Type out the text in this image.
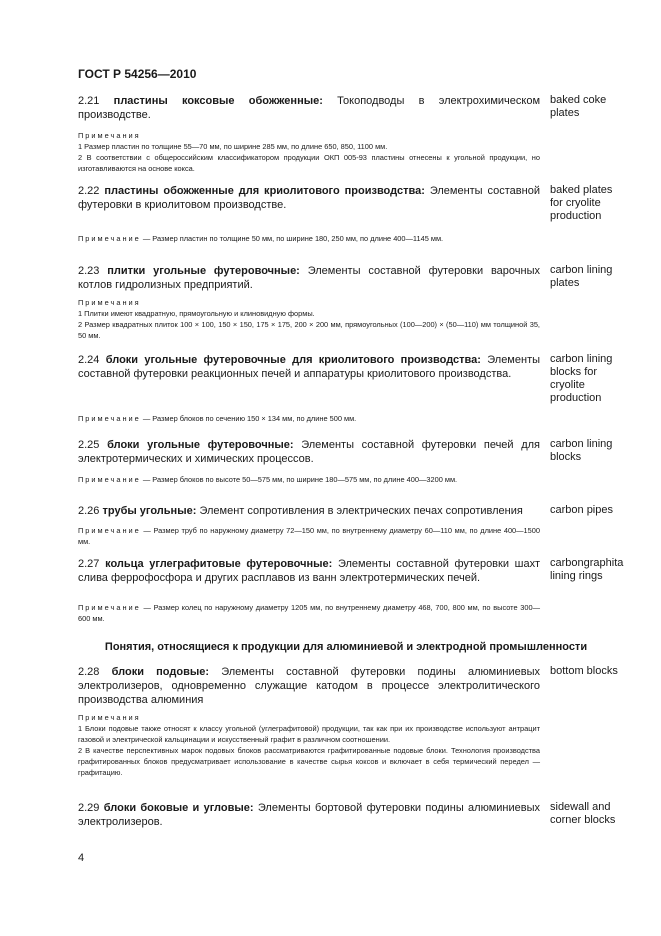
ГОСТ Р 54256—2010
2.21 пластины коксовые обожженные: Токоподводы в электрохимическом производстве.
baked coke plates

Примечания

1 Размер пластин по толщине 55—70 мм, по ширине 285 мм, по длине 650, 850, 1100 мм.

2 В соответствии с общероссийским классификатором продукции ОКП 005-93 пластины отнесены к угольной продукции, но изготавливаются на основе кокса.

2.22 пластины обожженные для криолитового производства: Элементы составной футеровки в криолитовом производстве.
baked plates for cryolite production

Примечание — Размер пластин по толщине 50 мм, по ширине 180, 250 мм, по длине 400—1145 мм.

2.23 плитки угольные футеровочные: Элементы составной футеровки варочных котлов гидролизных предприятий.
carbon lining plates

Примечания

1 Плитки имеют квадратную, прямоугольную и клиновидную формы.

2 Размер квадратных плиток 100 × 100, 150 × 150, 175 × 175, 200 × 200 мм, прямоугольных (100—200) × (50—110) мм толщиной 35, 50 мм.

2.24 блоки угольные футеровочные для криолитового производства: Элементы составной футеровки реакционных печей и аппаратуры криолитового производства.
carbon lining blocks for cryolite production

Примечание — Размер блоков по сечению 150 × 134 мм, по длине 500 мм.

2.25 блоки угольные футеровочные: Элементы составной футеровки печей для электротермических и химических процессов.
carbon lining blocks

Примечание — Размер блоков по высоте 50—575 мм, по ширине 180—575 мм, по длине 400—3200 мм.

2.26 трубы угольные: Элемент сопротивления в электрических печах сопротивления	carbon pipes

Примечание — Размер труб по наружному диаметру 72—150 мм, по внутреннему диаметру 60—110 мм, по длине 400—1500 мм.

2.27 кольца углеграфитовые футеровочные: Элементы составной футеровки шахт слива феррофосфора и других расплавов из ванн электротермических печей.
carbongraphita lining rings

Примечание — Размер колец по наружному диаметру 1205 мм, по внутреннему диаметру 468, 700, 800 мм, по высоте 300—600 мм.

Понятия, относящиеся к продукции для алюминиевой и электродной промышленности
2.28 блоки подовые: Элементы составной футеровки подины алюминиевых электролизеров, одновременно служащие катодом в процессе электролитического производства алюминия
bottom blocks

Примечания

1 Блоки подовые также относят к классу угольной (углеграфитовой) продукции, так как при их производстве используют антрацит газовой и электрической кальцинации и искусственный графит в различном соотношении.

2 В качестве перспективных марок подовых блоков рассматриваются графитированные подовые блоки. Технология производства графитированных блоков предусматривает использование в качестве сырья коксов и включает в себя термический передел — графитацию.

2.29 блоки боковые и угловые: Элементы бортовой футеровки подины алюминиевых электролизеров.
sidewall and corner blocks
4
